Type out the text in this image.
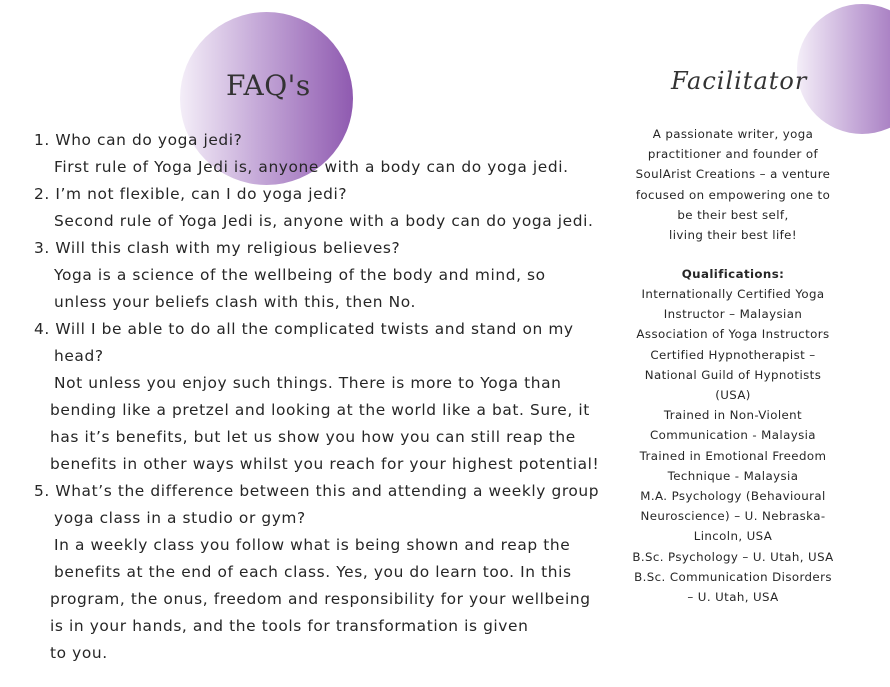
FAQ's	Facilitator
1. Who can do yoga jedi?
First rule of Yoga Jedi is, anyone with a body can do yoga jedi.
2. I’m not flexible, can I do yoga jedi?
Second rule of Yoga Jedi is, anyone with a body can do yoga jedi.
3. Will this clash with my religious believes?
Yoga is a science of the wellbeing of the body and mind, so
unless your beliefs clash with this, then No.
4. Will I be able to do all the complicated twists and stand on my
head?
Not unless you enjoy such things. There is more to Yoga than
bending like a pretzel and looking at the world like a bat. Sure, it
has it’s benefits, but let us show you how you can still reap the
benefits in other ways whilst you reach for your highest potential!
5. What’s the difference between this and attending a weekly group
yoga class in a studio or gym?
In a weekly class you follow what is being shown and reap the
benefits at the end of each class. Yes, you do learn too. In this
program, the onus, freedom and responsibility for your wellbeing
is in your hands, and the tools for transformation is given
to you.

A passionate writer, yoga

practitioner and founder of

SoulArist Creations – a venture

focused on empowering one to

be their best self,

living their best life!

Qualifications:

Internationally Certified Yoga

Instructor – Malaysian

Association of Yoga Instructors

Certified Hypnotherapist –

National Guild of Hypnotists

(USA)

Trained in Non-Violent

Communication - Malaysia

Trained in Emotional Freedom

Technique - Malaysia

M.A. Psychology (Behavioural

Neuroscience) – U. Nebraska-

Lincoln, USA

B.Sc. Psychology – U. Utah, USA

B.Sc. Communication Disorders

– U. Utah, USA
